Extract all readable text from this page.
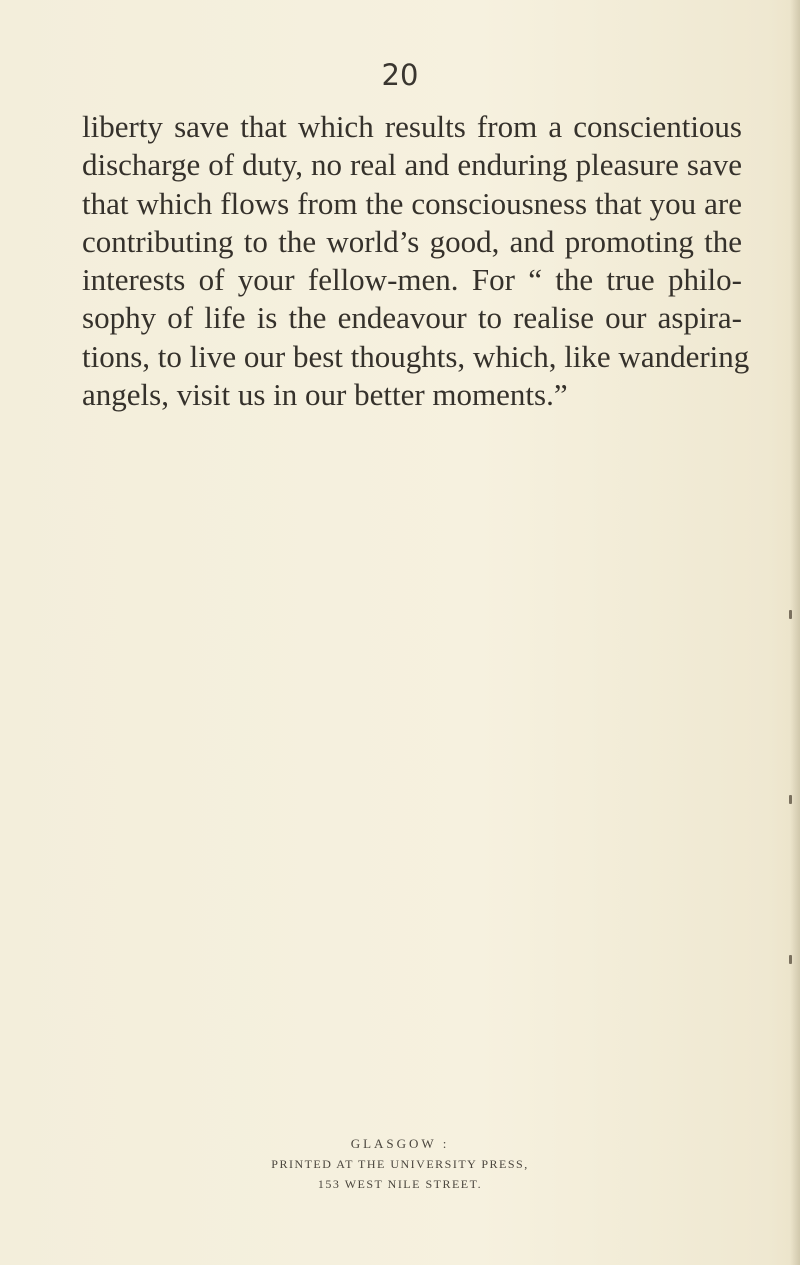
20

liberty save that which results from a conscientious
discharge of duty, no real and enduring pleasure save
that which flows from the consciousness that you are
contributing to the world’s good, and promoting the
interests of your fellow-men. For “ the true philo-
sophy of life is the endeavour to realise our aspira-
tions, to live our best thoughts, which, like wandering
angels, visit us in our better moments.”

GLASGOW :
PRINTED AT THE UNIVERSITY PRESS,
153 WEST NILE STREET.
